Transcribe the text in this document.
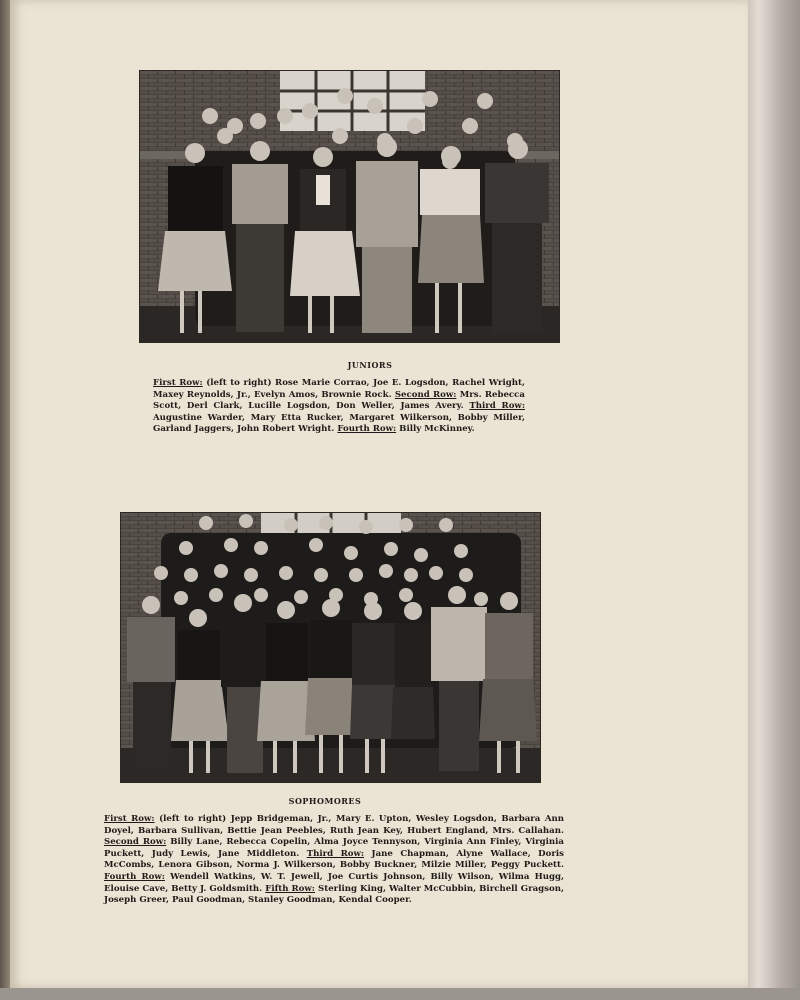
JUNIORS
First Row: (left to right) Rose Marie Corrao, Joe E. Logsdon, Rachel Wright, Maxey Reynolds, Jr., Evelyn Amos, Brownie Rock. Second Row: Mrs. Rebecca Scott, Derl Clark, Lucille Logsdon, Don Weller, James Avery. Third Row: Augustine Warder, Mary Etta Rucker, Margaret Wilkerson, Bobby Miller, Garland Jaggers, John Robert Wright. Fourth Row: Billy McKinney.
SOPHOMORES
First Row: (left to right) Jepp Bridgeman, Jr., Mary E. Upton, Wesley Logsdon, Barbara Ann Doyel, Barbara Sullivan, Bettie Jean Peebles, Ruth Jean Key, Hubert England, Mrs. Callahan. Second Row: Billy Lane, Rebecca Copelin, Alma Joyce Tennyson, Virginia Ann Finley, Virginia Puckett, Judy Lewis, Jane Middleton. Third Row: Jane Chapman, Alyne Wallace, Doris McCombs, Lenora Gibson, Norma J. Wilkerson, Bobby Buckner, Milzie Miller, Peggy Puckett. Fourth Row: Wendell Watkins, W. T. Jewell, Joe Curtis Johnson, Billy Wilson, Wilma Hugg, Elouise Cave, Betty J. Goldsmith. Fifth Row: Sterling King, Walter McCubbin, Birchell Gragson, Joseph Greer, Paul Goodman, Stanley Goodman, Kendal Cooper.
